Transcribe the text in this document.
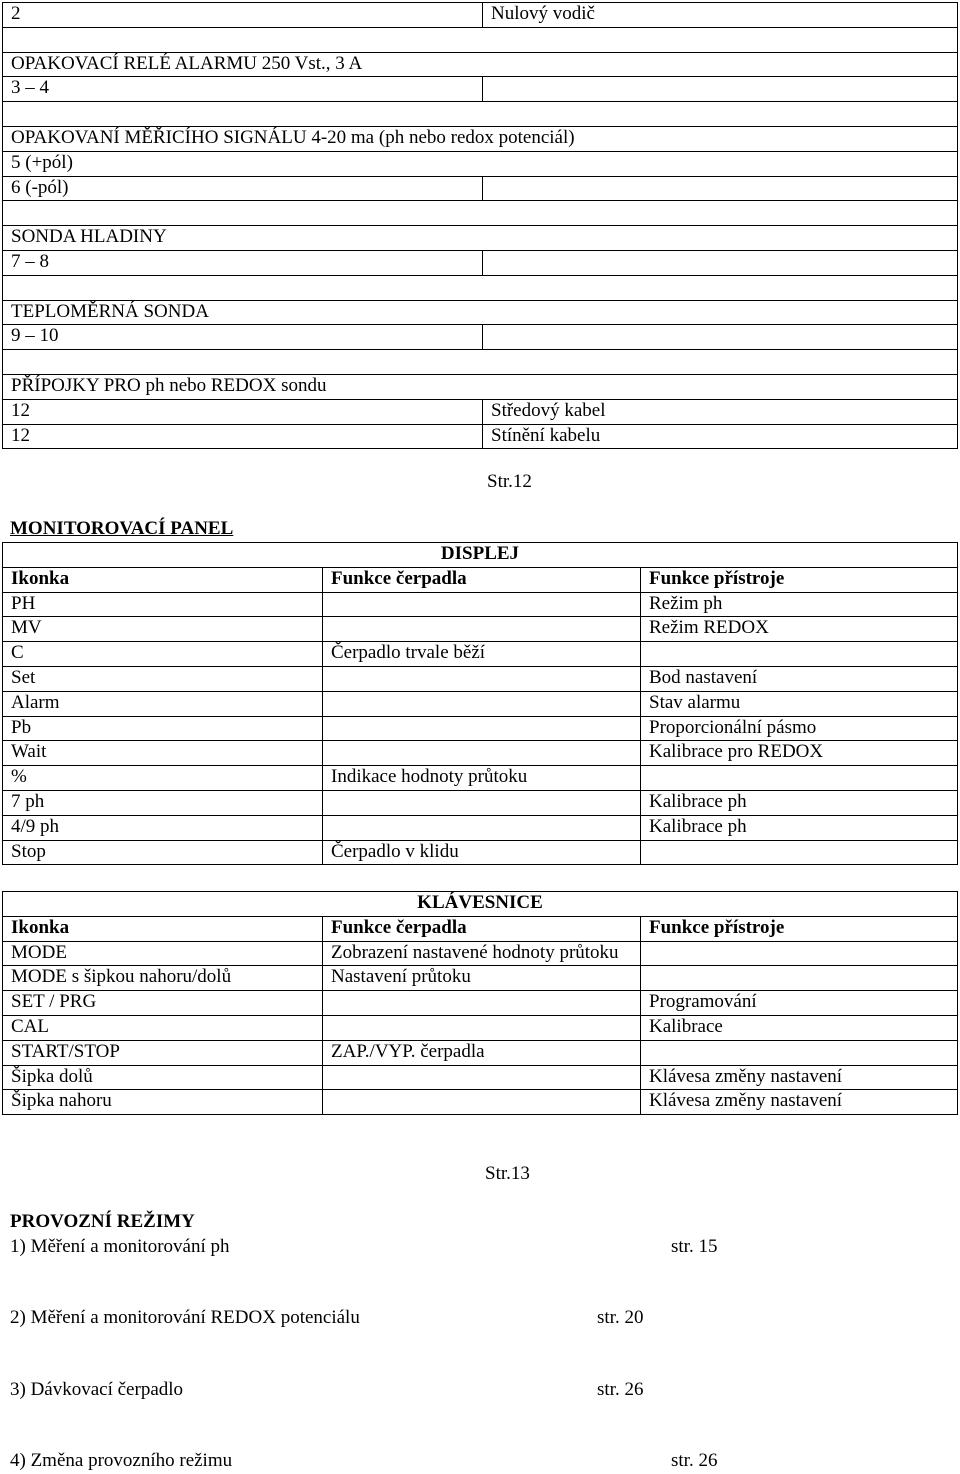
2	Nulový vodič

OPAKOVACÍ RELÉ ALARMU 250 Vst., 3 A	
3 – 4	

OPAKOVANÍ MĚŘICÍHO SIGNÁLU 4-20 ma (ph nebo redox potenciál)	
5 (+pól)	
6 (-pól)	

SONDA HLADINY	
7 – 8	

TEPLOMĚRNÁ SONDA	
9 – 10	

PŘÍPOJKY PRO ph nebo REDOX sondu	
12	Středový kabel
12	Stínění kabelu
Str.12
MONITOROVACÍ PANEL
DISPLEJ		
Ikonka	Funkce čerpadla	Funkce přístroje
PH		Režim ph
MV		Režim REDOX
C	Čerpadlo trvale běží	
Set		Bod nastavení
Alarm		Stav alarmu
Pb		Proporcionální pásmo
Wait		Kalibrace pro REDOX
%	Indikace hodnoty průtoku	
7 ph		Kalibrace ph
4/9 ph		Kalibrace ph
Stop	Čerpadlo v klidu	
KLÁVESNICE		
Ikonka	Funkce čerpadla	Funkce přístroje
MODE	Zobrazení nastavené hodnoty průtoku	
MODE s šipkou nahoru/dolů	Nastavení průtoku	
SET / PRG		Programování
CAL		Kalibrace
START/STOP	ZAP./VYP. čerpadla	
Šipka dolů		Klávesa změny nastavení
Šipka nahoru		Klávesa změny nastavení
Str.13
PROVOZNÍ REŽIMY
1) Měření a monitorování ph	str. 15
2) Měření a monitorování REDOX potenciálu	str. 20
3) Dávkovací čerpadlo	str. 26
4) Změna provozního režimu	str. 26
